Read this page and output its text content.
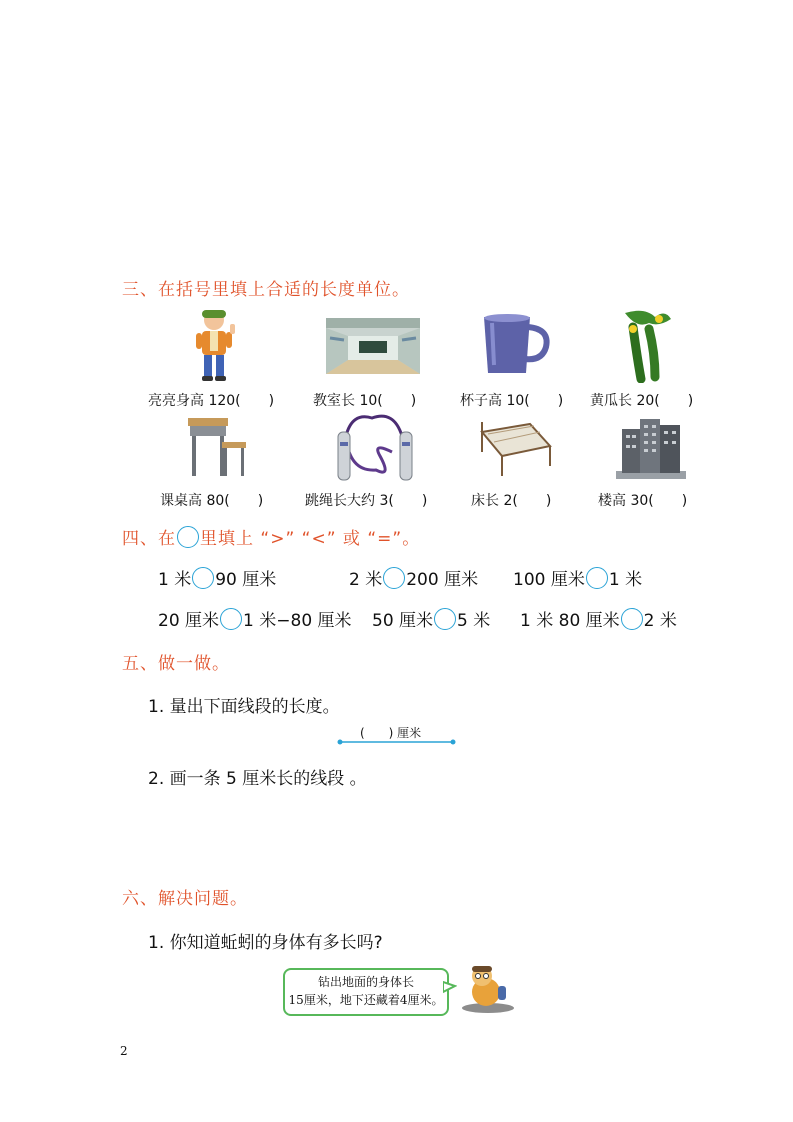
三、在括号里填上合适的长度单位。
亮亮身高 120(　　)	教室长 10(　　)	杯子高 10(　　) 黄瓜长 20(　　)
课桌高 80(　　)	跳绳长大约 3(　　)	床长 2(　　)	楼高 30(　　)
四、在 里填上 “>” “<” 或 “=”。
1 米 90 厘米	2 米 200 厘米 100 厘米 1 米
20 厘米 1 米−80 厘米 50 厘米 5 米 1 米 80 厘米 2 米
五、做一做。
1. 量出下面线段的长度。
(　　) 厘米
2. 画一条 5 厘米长的线段 。
六、解决问题。
1. 你知道蚯蚓的身体有多长吗?
钻出地面的身体长
15厘米，地下还藏着4厘米。
2
